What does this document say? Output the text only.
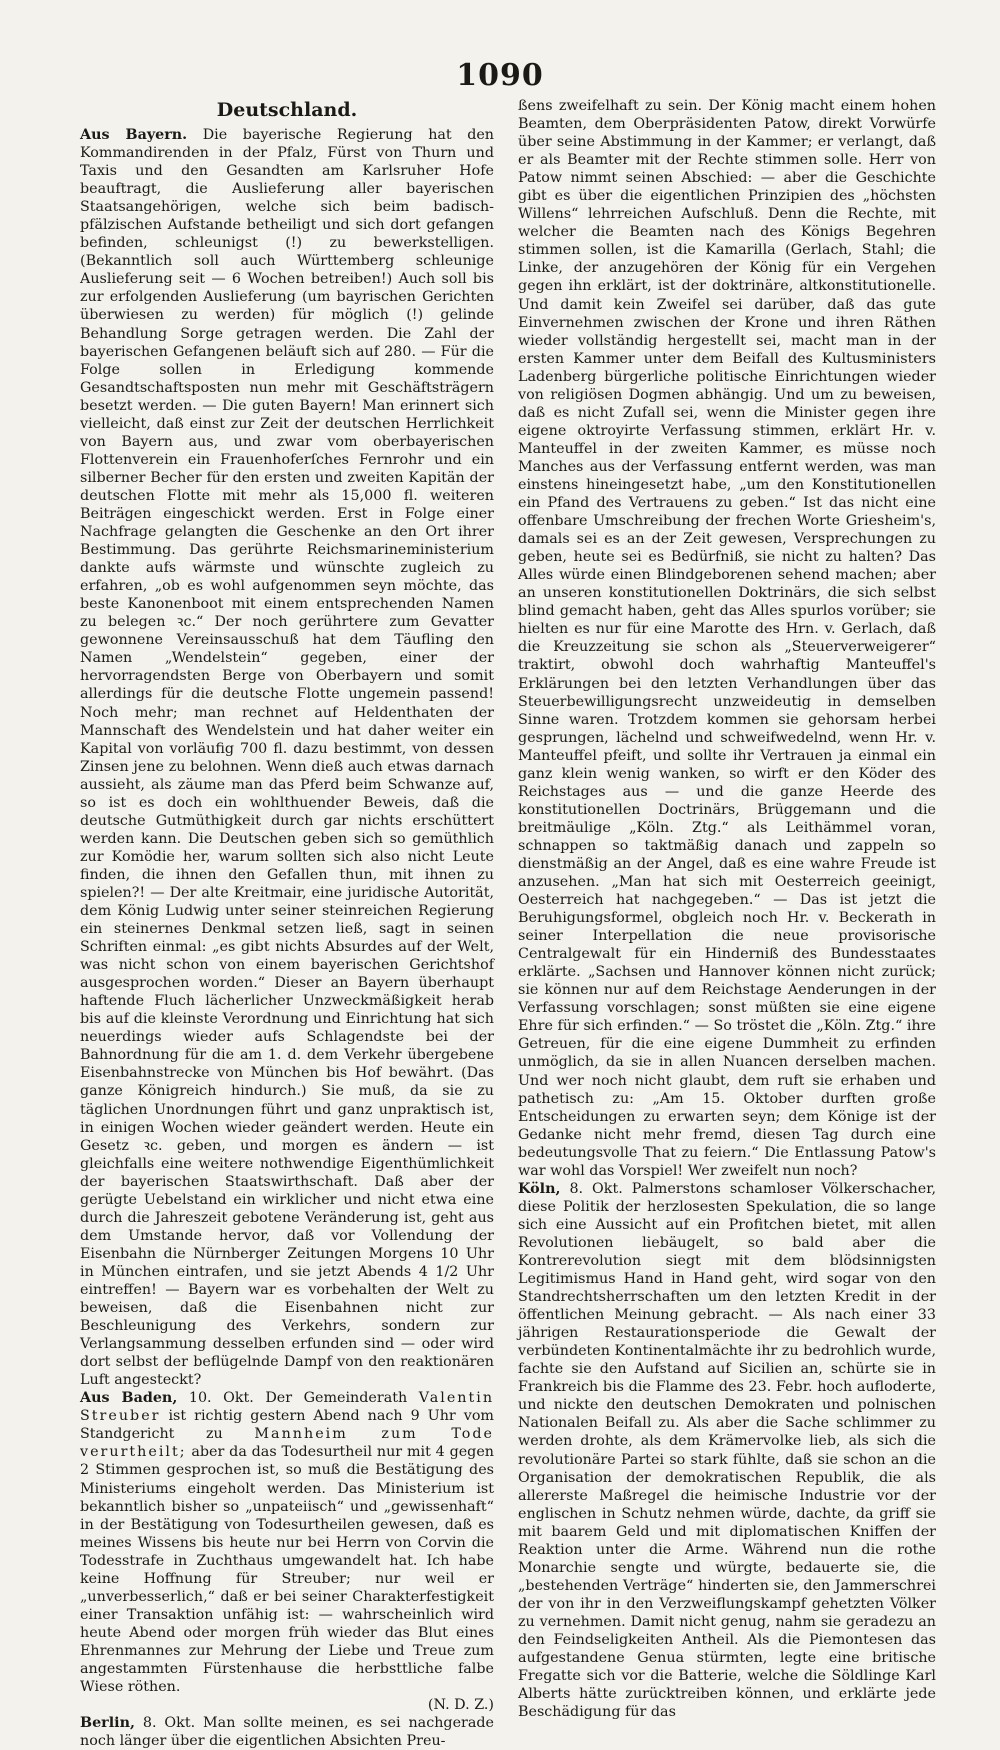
1090
Deutschland.

Aus Bayern. Die bayerische Regierung hat den Kommandirenden in der Pfalz, Fürst von Thurn und Taxis und den Gesandten am Karlsruher Hofe beauftragt, die Auslieferung aller bayerischen Staatsangehörigen, welche sich beim badisch-pfälzischen Aufstande betheiligt und sich dort gefangen befinden, schleunigst (!) zu bewerkstelligen. (Bekanntlich soll auch Württemberg schleunige Auslieferung seit — 6 Wochen betreiben!) Auch soll bis zur erfolgenden Auslieferung (um bayrischen Gerichten überwiesen zu werden) für möglich (!) gelinde Behandlung Sorge getragen werden. Die Zahl der bayerischen Gefangenen beläuft sich auf 280. — Für die Folge sollen in Erledigung kommende Gesandtschaftsposten nun mehr mit Geschäftsträgern besetzt werden. — Die guten Bayern! Man erinnert sich vielleicht, daß einst zur Zeit der deutschen Herrlichkeit von Bayern aus, und zwar vom oberbayerischen Flottenverein ein Frauenhoferſches Fernrohr und ein silberner Becher für den ersten und zweiten Kapitän der deutschen Flotte mit mehr als 15,000 fl. weiteren Beiträgen eingeschickt werden. Erst in Folge einer Nachfrage gelangten die Geschenke an den Ort ihrer Bestimmung. Das gerührte Reichsmarineministerium dankte aufs wärmste und wünschte zugleich zu erfahren, „ob es wohl aufgenommen seyn möchte, das beste Kanonenboot mit einem entsprechenden Namen zu belegen ꝛc.“ Der noch gerührtere zum Gevatter gewonnene Vereinsausschuß hat dem Täufling den Namen „Wendelstein“ gegeben, einer der hervorragendsten Berge von Oberbayern und somit allerdings für die deutsche Flotte ungemein passend! Noch mehr; man rechnet auf Heldenthaten der Mannschaft des Wendelstein und hat daher weiter ein Kapital von vorläufig 700 fl. dazu bestimmt, von dessen Zinsen jene zu belohnen. Wenn dieß auch etwas darnach aussieht, als zäume man das Pferd beim Schwanze auf, so ist es doch ein wohlthuender Beweis, daß die deutsche Gutmüthigkeit durch gar nichts erschüttert werden kann. Die Deutschen geben sich so gemüthlich zur Komödie her, warum sollten sich also nicht Leute finden, die ihnen den Gefallen thun, mit ihnen zu spielen?! — Der alte Kreitmair, eine juridische Autorität, dem König Ludwig unter seiner steinreichen Regierung ein steinernes Denkmal setzen ließ, sagt in seinen Schriften einmal: „es gibt nichts Absurdes auf der Welt, was nicht schon von einem bayerischen Gerichtshof ausgesprochen worden.“ Dieser an Bayern überhaupt haftende Fluch lächerlicher Unzweckmäßigkeit herab bis auf die kleinste Verordnung und Einrichtung hat sich neuerdings wieder aufs Schlagendste bei der Bahnordnung für die am 1. d. dem Verkehr übergebene Eisenbahnstrecke von München bis Hof bewährt. (Das ganze Königreich hindurch.) Sie muß, da sie zu täglichen Unordnungen führt und ganz unpraktisch ist, in einigen Wochen wieder geändert werden. Heute ein Gesetz ꝛc. geben, und morgen es ändern — ist gleichfalls eine weitere nothwendige Eigenthümlichkeit der bayerischen Staatswirthschaft. Daß aber der gerügte Uebelstand ein wirklicher und nicht etwa eine durch die Jahreszeit gebotene Veränderung ist, geht aus dem Umstande hervor, daß vor Vollendung der Eisenbahn die Nürnberger Zeitungen Morgens 10 Uhr in München eintrafen, und sie jetzt Abends 4 1/2 Uhr eintreffen! — Bayern war es vorbehalten der Welt zu beweisen, daß die Eisenbahnen nicht zur Beschleunigung des Verkehrs, sondern zur Verlangsammung desselben erfunden sind — oder wird dort selbst der beflügelnde Dampf von den reaktionären Luft angesteckt?

Aus Baden, 10. Okt. Der Gemeinderath Valentin Streuber ist richtig gestern Abend nach 9 Uhr vom Standgericht zu Mannheim zum Tode verurtheilt; aber da das Todesurtheil nur mit 4 gegen 2 Stimmen gesprochen ist, so muß die Bestätigung des Ministeriums eingeholt werden. Das Ministerium ist bekanntlich bisher so „unpateiisch“ und „gewissenhaft“ in der Bestätigung von Todesurtheilen gewesen, daß es meines Wissens bis heute nur bei Herrn von Corvin die Todesstrafe in Zuchthaus umgewandelt hat. Ich habe keine Hoffnung für Streuber; nur weil er „unverbesserlich,“ daß er bei seiner Charakterfestigkeit einer Transaktion unfähig ist: — wahrscheinlich wird heute Abend oder morgen früh wieder das Blut eines Ehrenmannes zur Mehrung der Liebe und Treue zum angestammten Fürstenhause die herbsttliche falbe Wiese röthen.

(N. D. Z.)

Berlin, 8. Okt. Man sollte meinen, es sei nachgerade noch länger über die eigentlichen Absichten Preu-

ßens zweifelhaft zu sein. Der König macht einem hohen Beamten, dem Oberpräsidenten Patow, direkt Vorwürfe über seine Abstimmung in der Kammer; er verlangt, daß er als Beamter mit der Rechte stimmen solle. Herr von Patow nimmt seinen Abschied: — aber die Geschichte gibt es über die eigentlichen Prinzipien des „höchsten Willens“ lehrreichen Aufschluß. Denn die Rechte, mit welcher die Beamten nach des Königs Begehren stimmen sollen, ist die Kamarilla (Gerlach, Stahl; die Linke, der anzugehören der König für ein Vergehen gegen ihn erklärt, ist der doktrinäre, altkonstitutionelle. Und damit kein Zweifel sei darüber, daß das gute Einvernehmen zwischen der Krone und ihren Räthen wieder vollständig hergestellt sei, macht man in der ersten Kammer unter dem Beifall des Kultusministers Ladenberg bürgerliche politische Einrichtungen wieder von religiösen Dogmen abhängig. Und um zu beweisen, daß es nicht Zufall sei, wenn die Minister gegen ihre eigene oktroyirte Verfassung stimmen, erklärt Hr. v. Manteuffel in der zweiten Kammer, es müsse noch Manches aus der Verfassung entfernt werden, was man einstens hineingesetzt habe, „um den Konstitutionellen ein Pfand des Vertrauens zu geben.“ Ist das nicht eine offenbare Umschreibung der frechen Worte Griesheim's, damals sei es an der Zeit gewesen, Versprechungen zu geben, heute sei es Bedürfniß, sie nicht zu halten? Das Alles würde einen Blindgeborenen sehend machen; aber an unseren konstitutionellen Doktrinärs, die sich selbst blind gemacht haben, geht das Alles spurlos vorüber; sie hielten es nur für eine Marotte des Hrn. v. Gerlach, daß die Kreuzzeitung sie schon als „Steuerverweigerer“ traktirt, obwohl doch wahrhaftig Manteuffel's Erklärungen bei den letzten Verhandlungen über das Steuerbewilligungsrecht unzweideutig in demselben Sinne waren. Trotzdem kommen sie gehorsam herbei gesprungen, lächelnd und schweifwedelnd, wenn Hr. v. Manteuffel pfeift, und sollte ihr Vertrauen ja einmal ein ganz klein wenig wanken, so wirft er den Köder des Reichstages aus — und die ganze Heerde des konstitutionellen Doctrinärs, Brüggemann und die breitmäulige „Köln. Ztg.“ als Leithämmel voran, schnappen so taktmäßig danach und zappeln so dienstmäßig an der Angel, daß es eine wahre Freude ist anzusehen. „Man hat sich mit Oesterreich geeinigt, Oesterreich hat nachgegeben.“ — Das ist jetzt die Beruhigungsformel, obgleich noch Hr. v. Beckerath in seiner Interpellation die neue provisorische Centralgewalt für ein Hinderniß des Bundesstaates erklärte. „Sachsen und Hannover können nicht zurück; sie können nur auf dem Reichstage Aenderungen in der Verfassung vorschlagen; sonst müßten sie eine eigene Ehre für sich erfinden.“ — So tröstet die „Köln. Ztg.“ ihre Getreuen, für die eine eigene Dummheit zu erfinden unmöglich, da sie in allen Nuancen derselben machen. Und wer noch nicht glaubt, dem ruft sie erhaben und pathetisch zu: „Am 15. Oktober durften große Entscheidungen zu erwarten seyn; dem Könige ist der Gedanke nicht mehr fremd, diesen Tag durch eine bedeutungsvolle That zu feiern.“ Die Entlassung Patow's war wohl das Vorspiel! Wer zweifelt nun noch?

Köln, 8. Okt. Palmerstons schamloser Völkerschacher, diese Politik der herzlosesten Spekulation, die so lange sich eine Aussicht auf ein Profitchen bietet, mit allen Revolutionen liebäugelt, so bald aber die Kontrerevolution siegt mit dem blödsinnigsten Legitimismus Hand in Hand geht, wird sogar von den Standrechtsherrschaften um den letzten Kredit in der öffentlichen Meinung gebracht. — Als nach einer 33 jährigen Restaurationsperiode die Gewalt der verbündeten Kontinentalmächte ihr zu bedrohlich wurde, fachte sie den Aufstand auf Sicilien an, schürte sie in Frankreich bis die Flamme des 23. Febr. hoch aufloderte, und nickte den deutschen Demokraten und polnischen Nationalen Beifall zu. Als aber die Sache schlimmer zu werden drohte, als dem Krämervolke lieb, als sich die revolutionäre Partei so stark fühlte, daß sie schon an die Organisation der demokratischen Republik, die als allererste Maßregel die heimische Industrie vor der englischen in Schutz nehmen würde, dachte, da griff sie mit baarem Geld und mit diplomatischen Kniffen der Reaktion unter die Arme. Während nun die rothe Monarchie sengte und würgte, bedauerte sie, die „bestehenden Verträge“ hinderten sie, den Jammerschrei der von ihr in den Verzweiflungskampf gehetzten Völker zu vernehmen. Damit nicht genug, nahm sie geradezu an den Feindseligkeiten Antheil. Als die Piemontesen das aufgestandene Genua stürmten, legte eine britische Fregatte sich vor die Batterie, welche die Söldlinge Karl Alberts hätte zurücktreiben können, und erklärte jede Beschädigung für das
